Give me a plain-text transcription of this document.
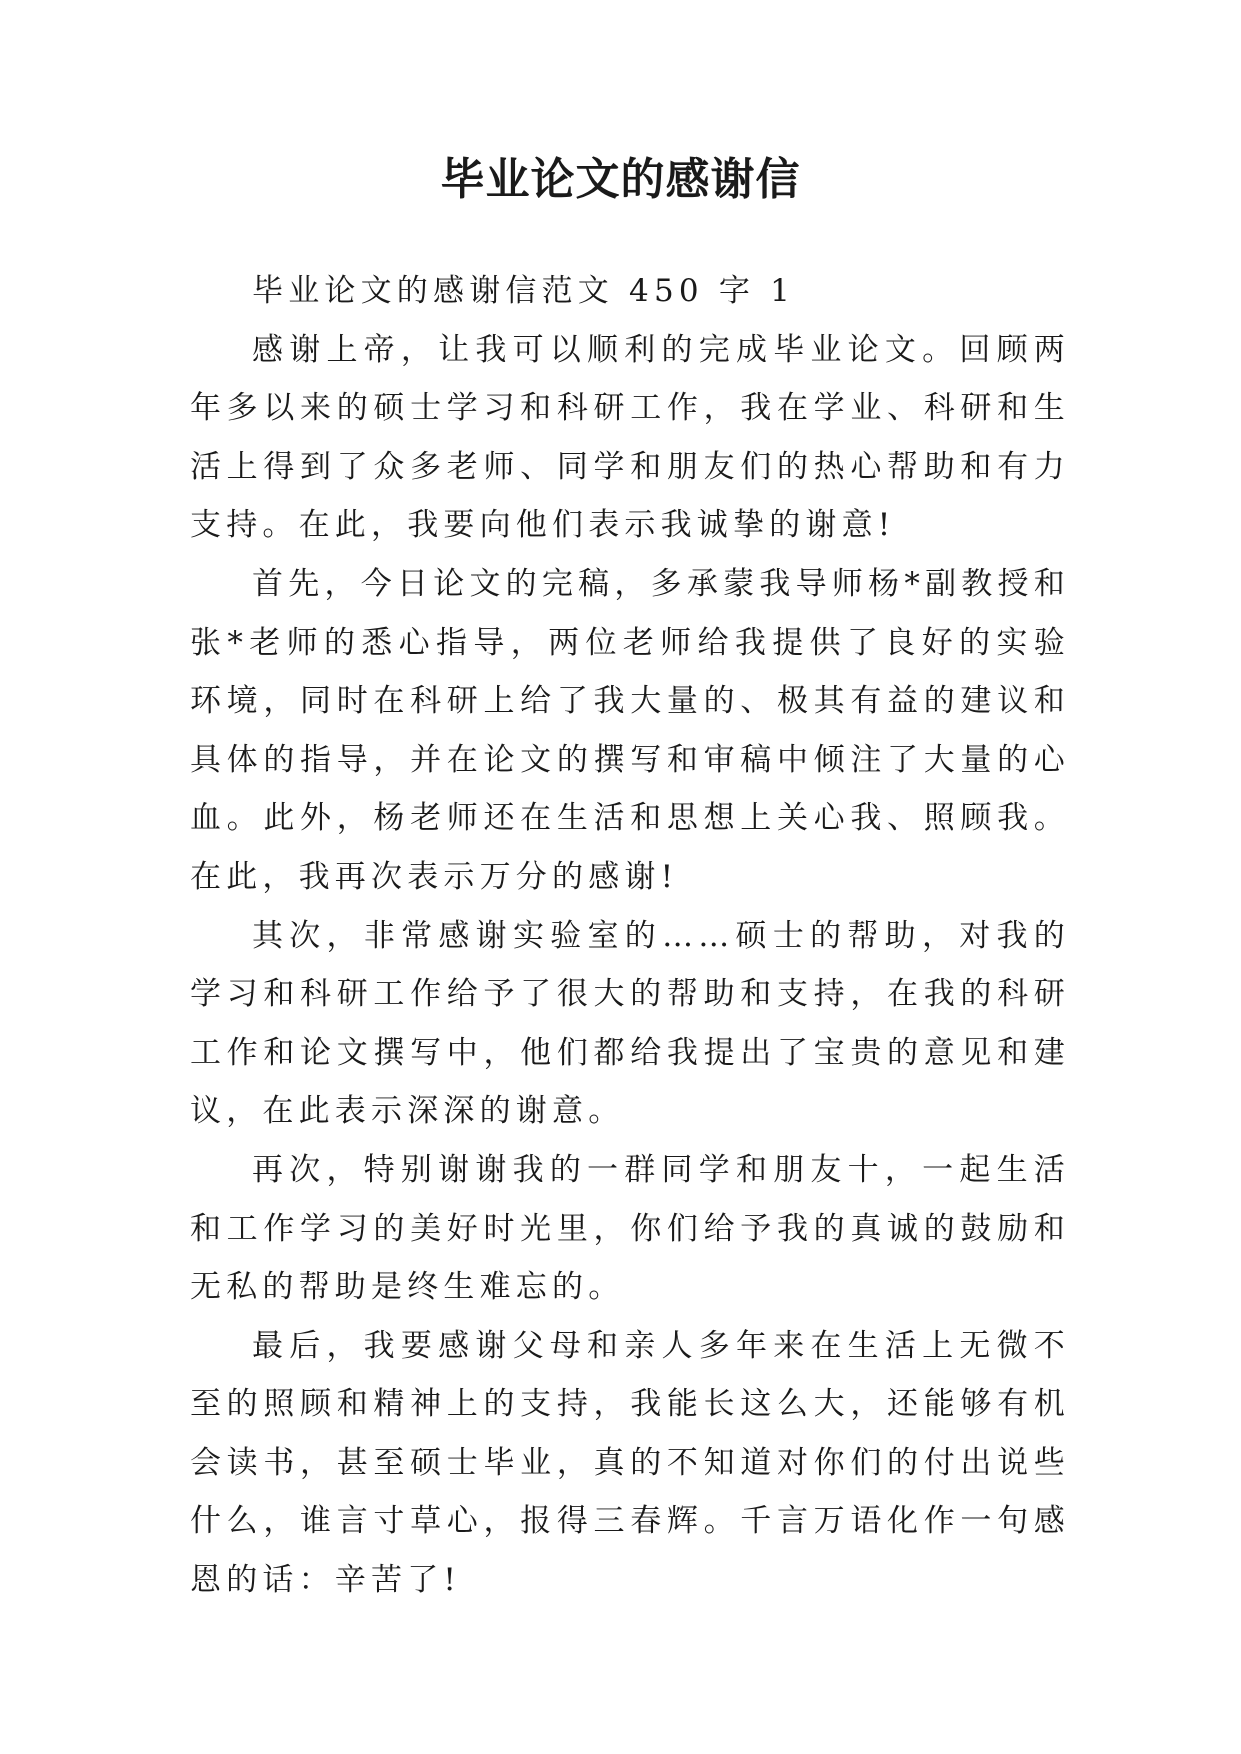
毕业论文的感谢信

毕业论文的感谢信范文 450 字 1

感谢上帝，让我可以顺利的完成毕业论文。回顾两年多以来的硕士学习和科研工作，我在学业、科研和生活上得到了众多老师、同学和朋友们的热心帮助和有力支持。在此，我要向他们表示我诚挚的谢意!

首先，今日论文的完稿，多承蒙我导师杨*副教授和张*老师的悉心指导，两位老师给我提供了良好的实验环境，同时在科研上给了我大量的、极其有益的建议和具体的指导，并在论文的撰写和审稿中倾注了大量的心血。此外，杨老师还在生活和思想上关心我、照顾我。在此，我再次表示万分的感谢!

其次，非常感谢实验室的……硕士的帮助，对我的学习和科研工作给予了很大的帮助和支持，在我的科研工作和论文撰写中，他们都给我提出了宝贵的意见和建议，在此表示深深的谢意。

再次，特别谢谢我的一群同学和朋友十，一起生活和工作学习的美好时光里，你们给予我的真诚的鼓励和无私的帮助是终生难忘的。

最后，我要感谢父母和亲人多年来在生活上无微不至的照顾和精神上的支持，我能长这么大，还能够有机会读书，甚至硕士毕业，真的不知道对你们的付出说些什么，谁言寸草心，报得三春辉。千言万语化作一句感恩的话：辛苦了!
